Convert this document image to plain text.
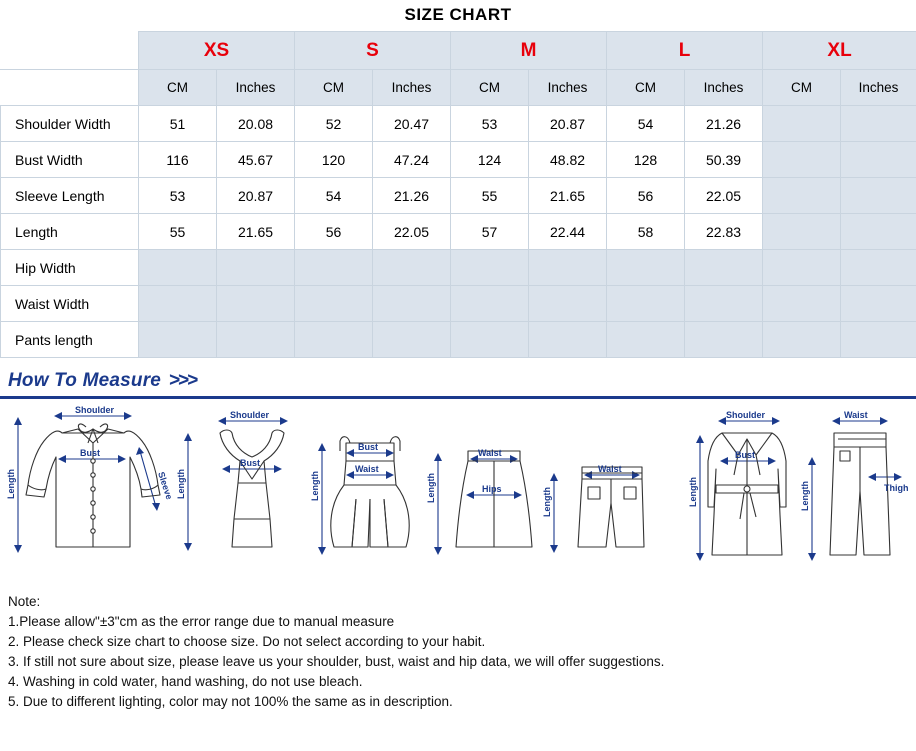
SIZE CHART
	XS		S		M		L		XL	
	CM	Inches	CM	Inches	CM	Inches	CM	Inches	CM	Inches
Shoulder Width	51	20.08	52	20.47	53	20.87	54	21.26		
Bust Width	116	45.67	120	47.24	124	48.82	128	50.39		
Sleeve Length	53	20.87	54	21.26	55	21.65	56	22.05		
Length	55	21.65	56	22.05	57	22.44	58	22.83		
Hip Width										
Waist Width										
Pants length										
How To Measure >>>
Shoulder
Bust
Sleeve
Length
Shoulder
Bust
Length
Bust
Waist
Length
Waist
Hips
Length
Waist
Length
Shoulder
Bust
Length
Waist
Thigh
Length
Note:
1.Please allow"±3"cm as the error range due to manual measure
2. Please check size chart to choose size. Do not select according to your habit.
3. If still not sure about size, please leave us your shoulder, bust, waist and hip data, we will offer suggestions.
4. Washing in cold water, hand washing, do not use bleach.
5. Due to different lighting, color may not 100% the same as in description.
